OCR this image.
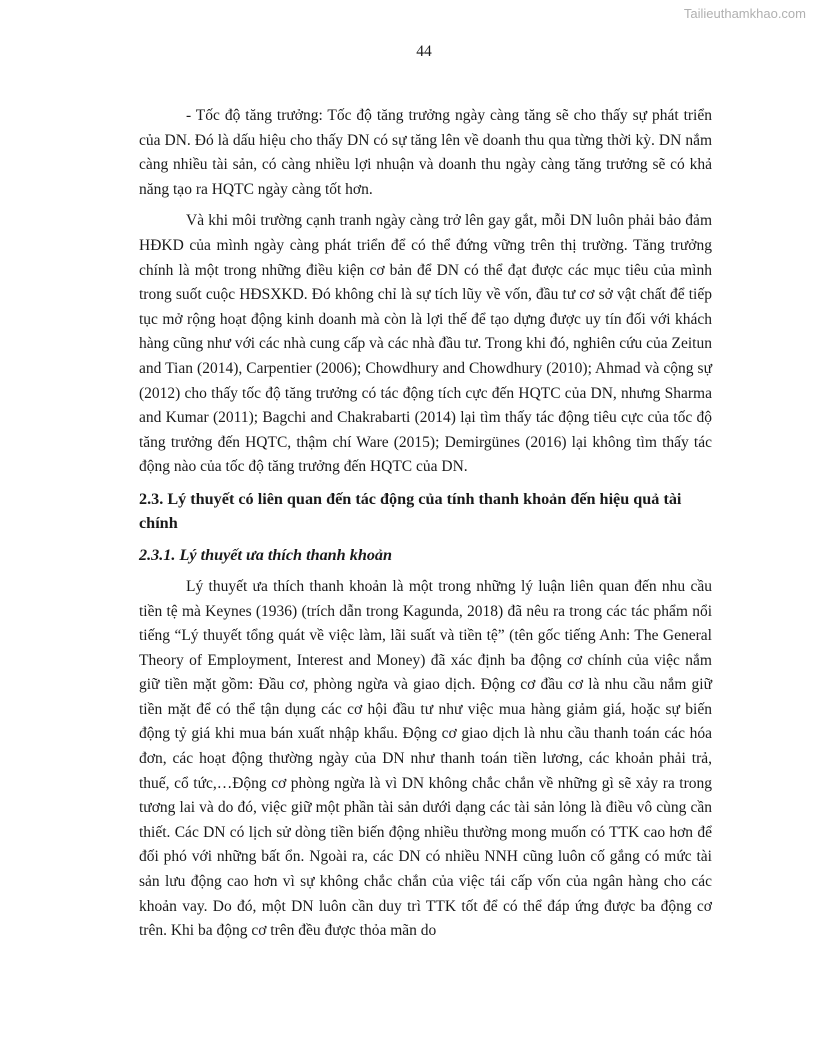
Tailieuthamkhao.com
44

- Tốc độ tăng trưởng: Tốc độ tăng trưởng ngày càng tăng sẽ cho thấy sự phát triển của DN. Đó là dấu hiệu cho thấy DN có sự tăng lên về doanh thu qua từng thời kỳ. DN nắm càng nhiều tài sản, có càng nhiều lợi nhuận và doanh thu ngày càng tăng trưởng sẽ có khả năng tạo ra HQTC ngày càng tốt hơn.

Và khi môi trường cạnh tranh ngày càng trở lên gay gắt, mỗi DN luôn phải bảo đảm HĐKD của mình ngày càng phát triển để có thể đứng vững trên thị trường. Tăng trưởng chính là một trong những điều kiện cơ bản để DN có thể đạt được các mục tiêu của mình trong suốt cuộc HĐSXKD. Đó không chỉ là sự tích lũy về vốn, đầu tư cơ sở vật chất để tiếp tục mở rộng hoạt động kinh doanh mà còn là lợi thế để tạo dựng được uy tín đối với khách hàng cũng như với các nhà cung cấp và các nhà đầu tư. Trong khi đó, nghiên cứu của Zeitun and Tian (2014), Carpentier (2006); Chowdhury and Chowdhury (2010); Ahmad và cộng sự (2012) cho thấy tốc độ tăng trưởng có tác động tích cực đến HQTC của DN, nhưng Sharma and Kumar (2011); Bagchi and Chakrabarti (2014) lại tìm thấy tác động tiêu cực của tốc độ tăng trưởng đến HQTC, thậm chí Ware (2015); Demirgünes (2016) lại không tìm thấy tác động nào của tốc độ tăng trưởng đến HQTC của DN.

2.3. Lý thuyết có liên quan đến tác động của tính thanh khoản đến hiệu quả tài chính
2.3.1. Lý thuyết ưa thích thanh khoản

Lý thuyết ưa thích thanh khoản là một trong những lý luận liên quan đến nhu cầu tiền tệ mà Keynes (1936) (trích dẫn trong Kagunda, 2018) đã nêu ra trong các tác phẩm nổi tiếng “Lý thuyết tổng quát về việc làm, lãi suất và tiền tệ” (tên gốc tiếng Anh: The General Theory of Employment, Interest and Money) đã xác định ba động cơ chính của việc nắm giữ tiền mặt gồm: Đầu cơ, phòng ngừa và giao dịch. Động cơ đầu cơ là nhu cầu nắm giữ tiền mặt để có thể tận dụng các cơ hội đầu tư như việc mua hàng giảm giá, hoặc sự biến động tỷ giá khi mua bán xuất nhập khẩu. Động cơ giao dịch là nhu cầu thanh toán các hóa đơn, các hoạt động thường ngày của DN như thanh toán tiền lương, các khoản phải trả, thuế, cổ tức,…Động cơ phòng ngừa là vì DN không chắc chắn về những gì sẽ xảy ra trong tương lai và do đó, việc giữ một phần tài sản dưới dạng các tài sản lỏng là điều vô cùng cần thiết. Các DN có lịch sử dòng tiền biến động nhiều thường mong muốn có TTK cao hơn để đối phó với những bất ổn. Ngoài ra, các DN có nhiều NNH cũng luôn cố gắng có mức tài sản lưu động cao hơn vì sự không chắc chắn của việc tái cấp vốn của ngân hàng cho các khoản vay. Do đó, một DN luôn cần duy trì TTK tốt để có thể đáp ứng được ba động cơ trên. Khi ba động cơ trên đều được thỏa mãn do
